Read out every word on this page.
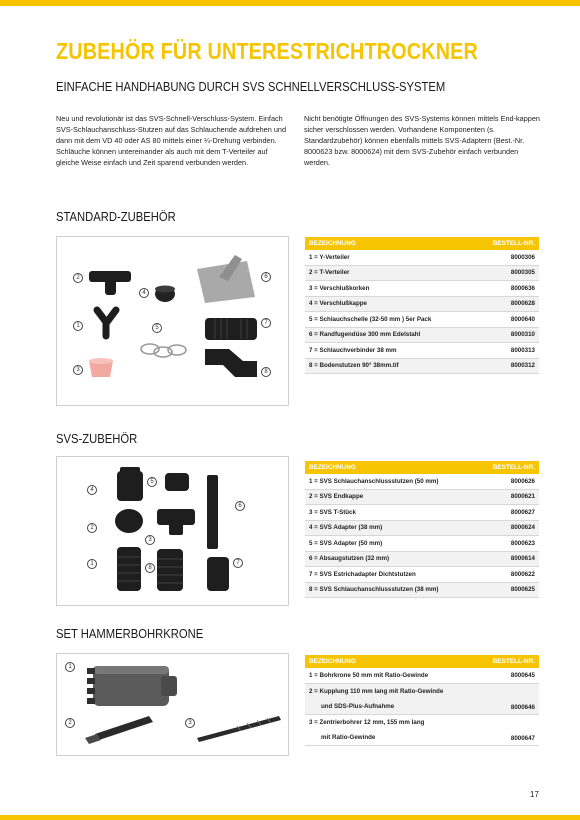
ZUBEHÖR FÜR UNTERESTRICHTROCKNER
EINFACHE HANDHABUNG DURCH SVS SCHNELLVERSCHLUSS-SYSTEM

Neu und revolutionär ist das SVS-Schnell-Verschluss-System. Einfach SVS-Schlauchanschluss-Stutzen auf das Schlauchende aufdrehen und dann mit dem VD 40 oder AS 80 mittels einer ¼-Drehung verbinden. Schläuche können untereinander als auch mit dem T-Verteiler auf gleiche Weise einfach und Zeit sparend verbunden werden.

Nicht benötigte Öffnungen des SVS-Systems können mittels End-kappen sicher verschlossen werden. Vorhandene Komponenten (s. Standardzubehör) können ebenfalls mittels SVS-Adaptern (Best.-Nr. 8000623 bzw. 8000624) mit dem SVS-Zubehör einfach verbunden werden.

STANDARD-ZUBEHÖR
2
4
1	5
3
6
7
8
BEZEICHNUNG	BESTELL-NR.
1 = Y-Verteiler	8000306
2 = T-Verteiler	8000305
3 = Verschlußkorken	8000636
4 = Verschlußkappe	8000628
5 = Schlauchschelle (32-50 mm ) 5er Pack	8000640
6 = Randfugendüse 300 mm Edelstahl	8000310
7 = Schlauchverbinder 38 mm	8000313
8 = Bodenstutzen 90° 38mm.tif	8000312
SVS-ZUBEHÖR
4
5
6
2
3
1
8
7
BEZEICHNUNG	BESTELL-NR.
1 = SVS Schlauchanschlussstutzen (50 mm)	8000626
2 = SVS Endkappe	8000621
3 = SVS T-Stück	8000627
4 = SVS Adapter (38 mm)	8000624
5 = SVS Adapter (50 mm)	8000623
6 = Absaugstutzen (32 mm)	8000614
7 = SVS Estrichadapter Dichtstutzen	8000622
8 = SVS Schlauchanschlussstutzen (38 mm)	8000625
SET HAMMERBOHRKRONE
1
2	3
BEZEICHNUNG	BESTELL-NR.
1 = Bohrkrone 50 mm mit Ratio-Gewinde	8000645
2 = Kupplung 110 mm lang mit Ratio-Gewinde
und SDS-Plus-Aufnahme	8000646
3 = Zentrierbohrer 12 mm, 155 mm lang
mit Ratio-Gewinde	8000647
17
